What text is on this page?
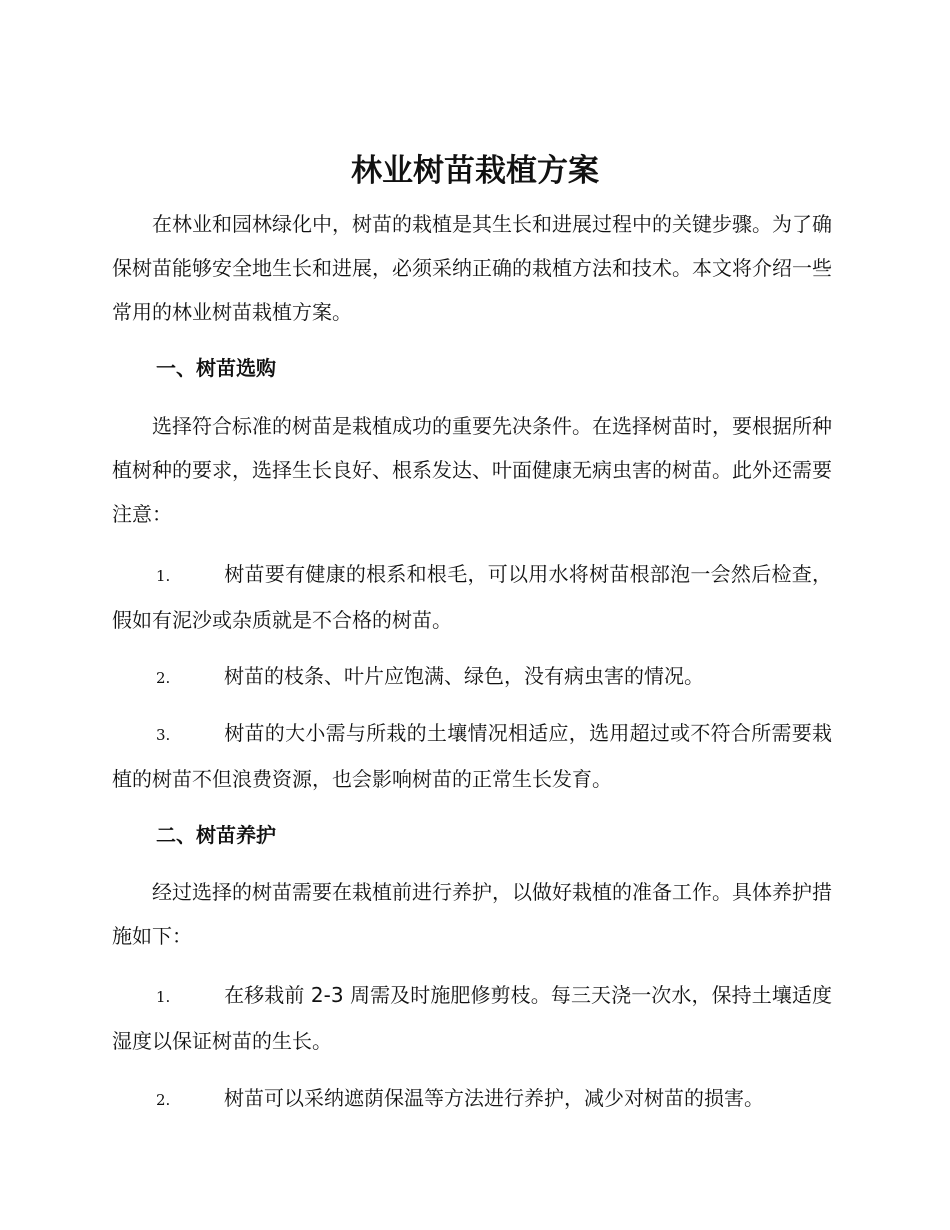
林业树苗栽植方案

在林业和园林绿化中，树苗的栽植是其生长和进展过程中的关键步骤。为了确保树苗能够安全地生长和进展，必须采纳正确的栽植方法和技术。本文将介绍一些常用的林业树苗栽植方案。

一、树苗选购

选择符合标准的树苗是栽植成功的重要先决条件。在选择树苗时，要根据所种植树种的要求，选择生长良好、根系发达、叶面健康无病虫害的树苗。此外还需要注意：

1.	树苗要有健康的根系和根毛，可以用水将树苗根部泡一会然后检查，假如有泥沙或杂质就是不合格的树苗。

2.	树苗的枝条、叶片应饱满、绿色，没有病虫害的情况。

3.	树苗的大小需与所栽的土壤情况相适应，选用超过或不符合所需要栽植的树苗不但浪费资源，也会影响树苗的正常生长发育。

二、树苗养护

经过选择的树苗需要在栽植前进行养护，以做好栽植的准备工作。具体养护措施如下：

1.	在移栽前 2-3 周需及时施肥修剪枝。每三天浇一次水，保持土壤适度湿度以保证树苗的生长。

2.	树苗可以采纳遮荫保温等方法进行养护，减少对树苗的损害。
